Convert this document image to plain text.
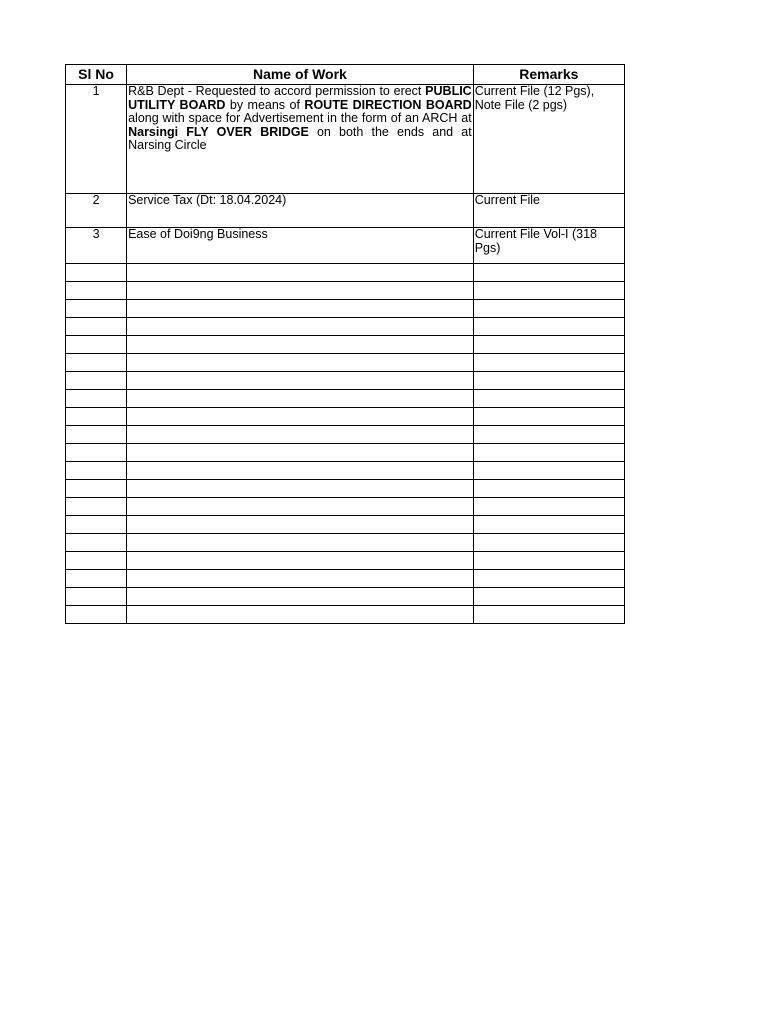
Sl No	Name of Work	Remarks
1	R&B Dept - Requested to accord permission to erect PUBLIC UTILITY BOARD by means of ROUTE DIRECTION BOARD along with space for Advertisement in the form of an ARCH at Narsingi FLY OVER BRIDGE on both the ends and at Narsing Circle	Current File (12 Pgs), Note File (2 pgs)
2	Service Tax (Dt: 18.04.2024)	Current File
3	Ease of Doi9ng Business	Current File Vol-I (318 Pgs)
